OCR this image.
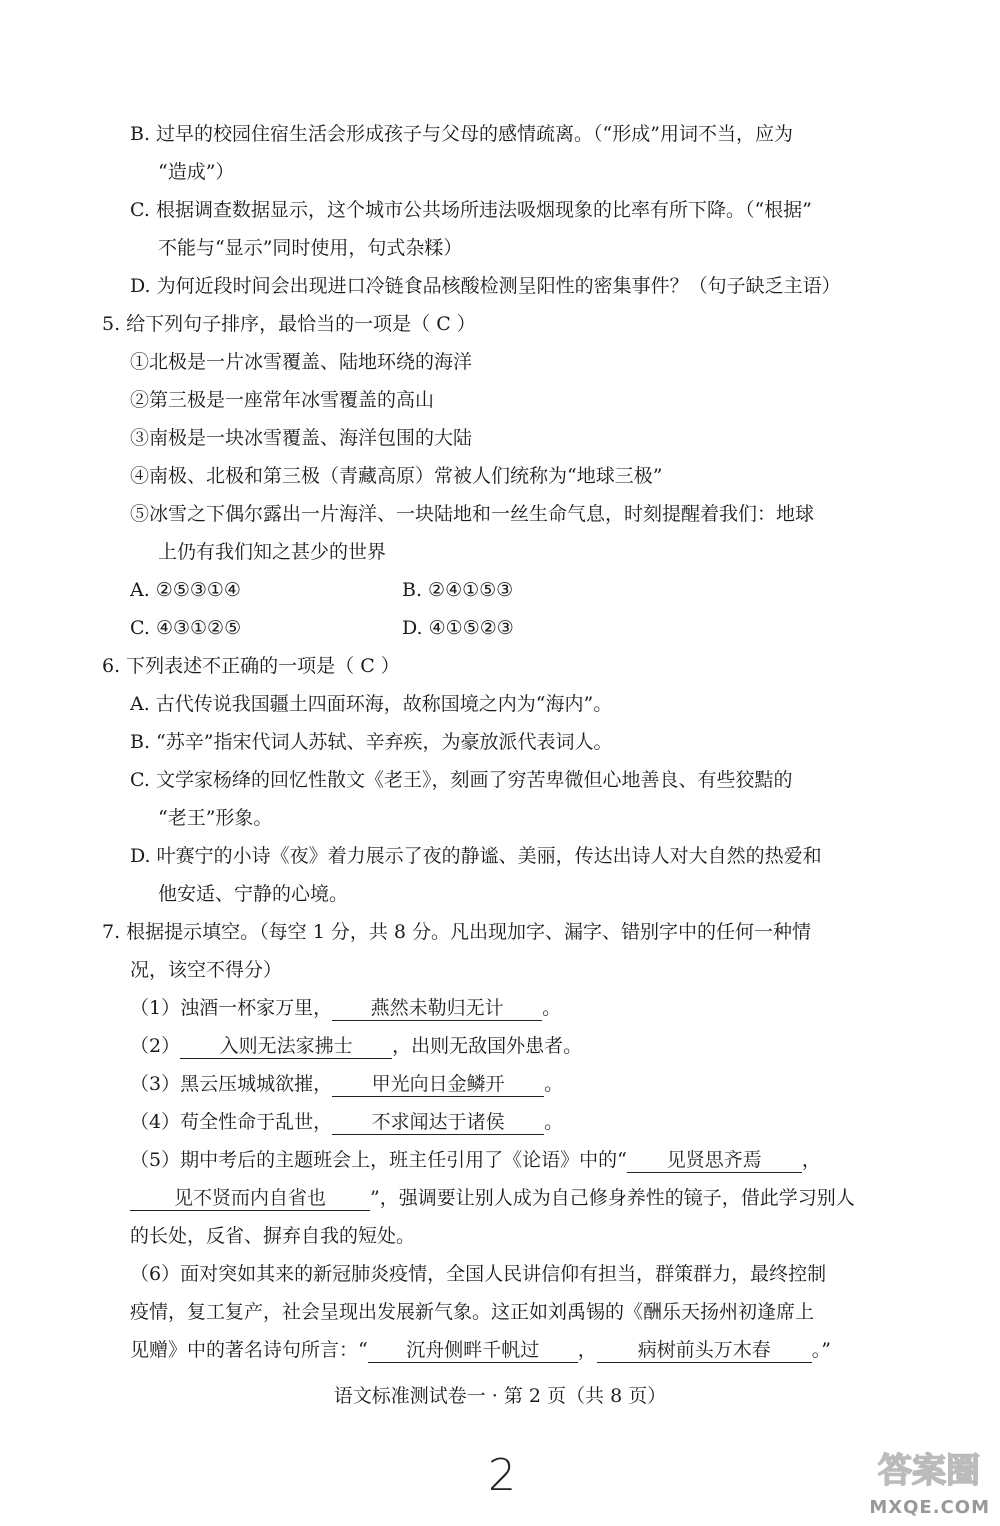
B. 过早的校园住宿生活会形成孩子与父母的感情疏离。（“形成”用词不当，应为
“造成”）
C. 根据调查数据显示，这个城市公共场所违法吸烟现象的比率有所下降。（“根据”
不能与“显示”同时使用，句式杂糅）
D. 为何近段时间会出现进口冷链食品核酸检测呈阳性的密集事件？（句子缺乏主语）
5. 给下列句子排序，最恰当的一项是（ C ）
①北极是一片冰雪覆盖、陆地环绕的海洋
②第三极是一座常年冰雪覆盖的高山
③南极是一块冰雪覆盖、海洋包围的大陆
④南极、北极和第三极（青藏高原）常被人们统称为“地球三极”
⑤冰雪之下偶尔露出一片海洋、一块陆地和一丝生命气息，时刻提醒着我们：地球
上仍有我们知之甚少的世界
A. ②⑤③①④	B. ②④①⑤③
C. ④③①②⑤	D. ④①⑤②③
6. 下列表述不正确的一项是（ C ）
A. 古代传说我国疆土四面环海，故称国境之内为“海内”。
B. “苏辛”指宋代词人苏轼、辛弃疾，为豪放派代表词人。
C. 文学家杨绛的回忆性散文《老王》，刻画了穷苦卑微但心地善良、有些狡黠的
“老王”形象。
D. 叶赛宁的小诗《夜》着力展示了夜的静谧、美丽，传达出诗人对大自然的热爱和
他安适、宁静的心境。
7. 根据提示填空。（每空 1 分，共 8 分。凡出现加字、漏字、错别字中的任何一种情
况，该空不得分）
（1）浊酒一杯家万里， 燕然未勒归无计 。
（2） 入则无法家拂士 ，出则无敌国外患者。
（3）黑云压城城欲摧， 甲光向日金鳞开 。
（4）苟全性命于乱世， 不求闻达于诸侯 。
（5）期中考后的主题班会上，班主任引用了《论语》中的“ 见贤思齐焉 ，
见不贤而内自省也 ”，强调要让别人成为自己修身养性的镜子，借此学习别人
的长处，反省、摒弃自我的短处。
（6）面对突如其来的新冠肺炎疫情，全国人民讲信仰有担当，群策群力，最终控制
疫情，复工复产，社会呈现出发展新气象。这正如刘禹锡的《酬乐天扬州初逢席上
见赠》中的著名诗句所言：“ 沉舟侧畔千帆过 ， 病树前头万木春 。”
语文标准测试卷一 · 第 2 页（共 8 页）
2	答案圈
MXQE.COM
